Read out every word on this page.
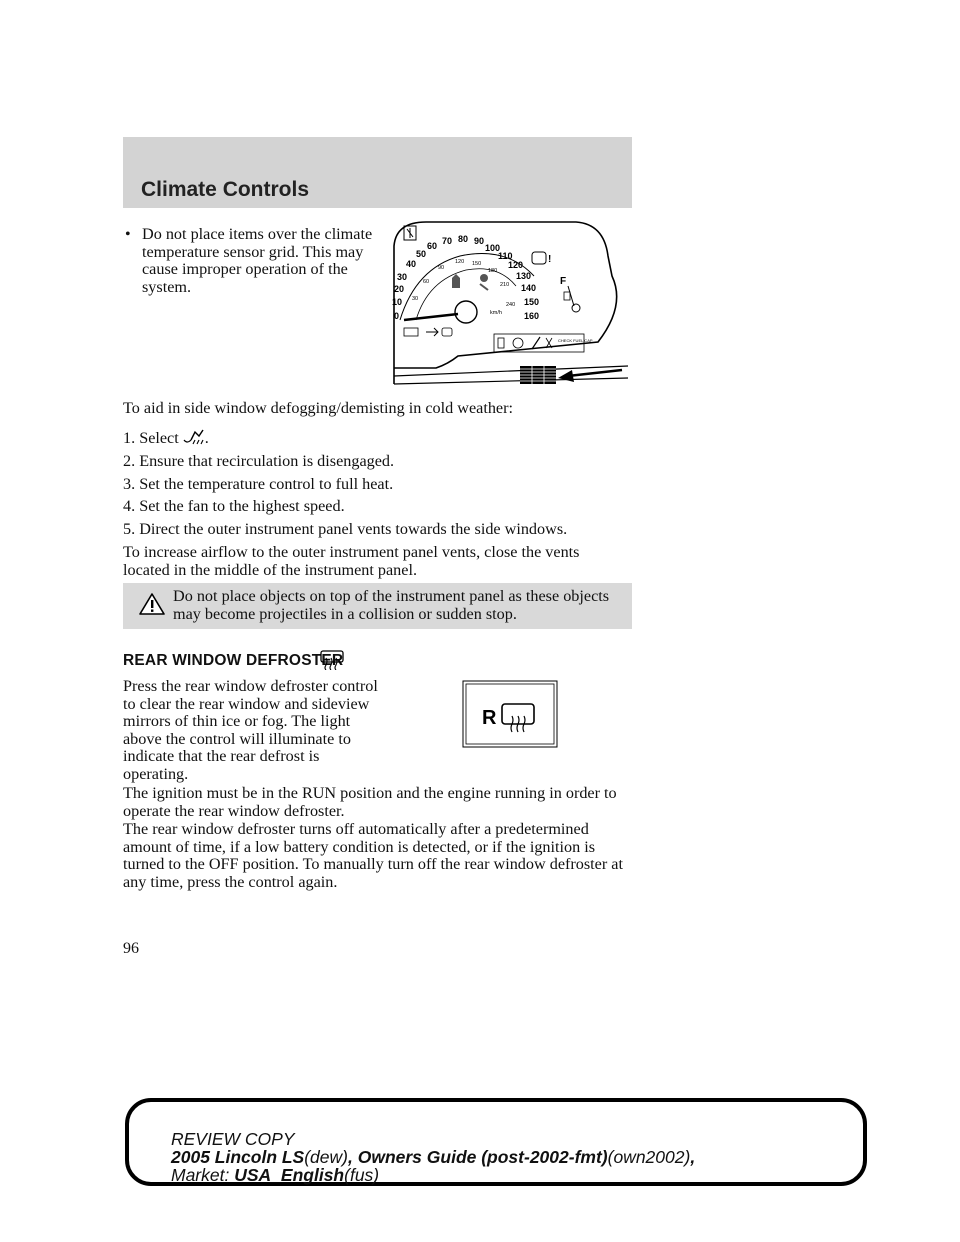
Climate Controls
• Do not place items over the climate temperature sensor grid. This may cause improper operation of the system.

0
10
20
30
40
50
60 70 80 90
100
110
120
130
140
150
160
30
60
90
120 150
180
210
240
km/h
!
F
CHECK FUEL CAP

To aid in side window defogging/demisting in cold weather:

1. Select .

2. Ensure that recirculation is disengaged.

3. Set the temperature control to full heat.

4. Set the fan to the highest speed.

5. Direct the outer instrument panel vents towards the side windows.

To increase airflow to the outer instrument panel vents, close the vents located in the middle of the instrument panel.

Do not place objects on top of the instrument panel as these objects may become projectiles in a collision or sudden stop.
REAR WINDOW DEFROSTER

Press the rear window defroster control to clear the rear window and sideview mirrors of thin ice or fog. The light above the control will illuminate to indicate that the rear defrost is operating.

R

The ignition must be in the RUN position and the engine running in order to operate the rear window defroster.

The rear window defroster turns off automatically after a predetermined amount of time, if a low battery condition is detected, or if the ignition is turned to the OFF position. To manually turn off the rear window defroster at any time, press the control again.

96
REVIEW COPY
2005 Lincoln LS(dew), Owners Guide (post-2002-fmt)(own2002),
Market: USA_English(fus)
